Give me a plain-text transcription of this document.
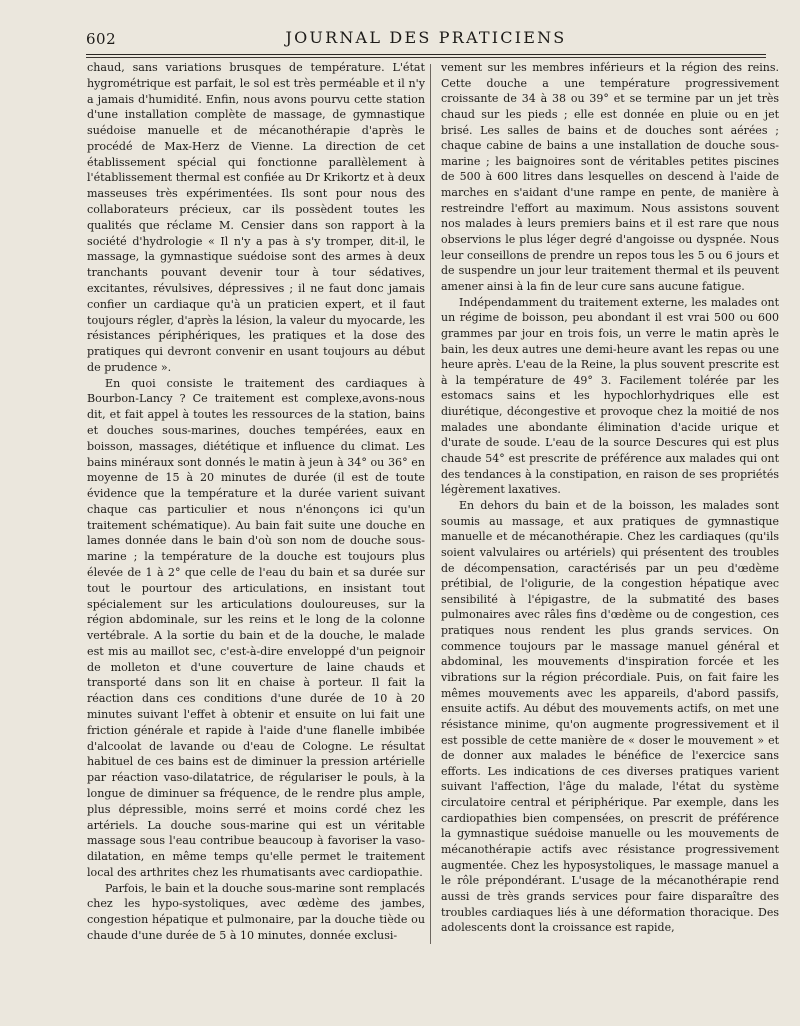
602	JOURNAL DES PRATICIENS

chaud, sans variations brusques de température. L'état hygrométrique est parfait, le sol est très perméable et il n'y a jamais d'humidité. Enfin, nous avons pourvu cette station d'une installation complète de massage, de gymnastique suédoise manuelle et de mécanothérapie d'après le procédé de Max-Herz de Vienne. La direction de cet établissement spécial qui fonctionne parallèlement à l'établissement thermal est confiée au Dr Krikortz et à deux masseuses très expérimentées. Ils sont pour nous des collaborateurs précieux, car ils possèdent toutes les qualités que réclame M. Censier dans son rapport à la société d'hydrologie « Il n'y a pas à s'y tromper, dit-il, le massage, la gymnastique suédoise sont des armes à deux tranchants pouvant devenir tour à tour sédatives, excitantes, révulsives, dépressives ; il ne faut donc jamais confier un cardiaque qu'à un praticien expert, et il faut toujours régler, d'après la lésion, la valeur du myocarde, les résistances périphériques, les pratiques et la dose des pratiques qui devront convenir en usant toujours au début de prudence ».

En quoi consiste le traitement des cardiaques à Bourbon-Lancy ? Ce traitement est complexe,avons-nous dit, et fait appel à toutes les ressources de la station, bains et douches sous-marines, douches tempérées, eaux en boisson, massages, diététique et influence du climat. Les bains minéraux sont donnés le matin à jeun à 34° ou 36° en moyenne de 15 à 20 minutes de durée (il est de toute évidence que la température et la durée varient suivant chaque cas particulier et nous n'énonçons ici qu'un traitement schématique). Au bain fait suite une douche en lames donnée dans le bain d'où son nom de douche sous-marine ; la température de la douche est toujours plus élevée de 1 à 2° que celle de l'eau du bain et sa durée sur tout le pourtour des articulations, en insistant tout spécialement sur les articulations douloureuses, sur la région abdominale, sur les reins et le long de la colonne vertébrale. A la sortie du bain et de la douche, le malade est mis au maillot sec, c'est-à-dire enveloppé d'un peignoir de molleton et d'une couverture de laine chauds et transporté dans son lit en chaise à porteur. Il fait la réaction dans ces conditions d'une durée de 10 à 20 minutes suivant l'effet à obtenir et ensuite on lui fait une friction générale et rapide à l'aide d'une flanelle imbibée d'alcoolat de lavande ou d'eau de Cologne. Le résultat habituel de ces bains est de diminuer la pression artérielle par réaction vaso-dilatatrice, de régulariser le pouls, à la longue de diminuer sa fréquence, de le rendre plus ample, plus dépressible, moins serré et moins cordé chez les artériels. La douche sous-marine qui est un véritable massage sous l'eau contribue beaucoup à favoriser la vaso-dilatation, en même temps qu'elle permet le traitement local des arthrites chez les rhumatisants avec cardiopathie.

Parfois, le bain et la douche sous-marine sont remplacés chez les hypo-systoliques, avec œdème des jambes, congestion hépatique et pulmonaire, par la douche tiède ou chaude d'une durée de 5 à 10 minutes, donnée exclusi-

vement sur les membres inférieurs et la région des reins. Cette douche a une température progressivement croissante de 34 à 38 ou 39° et se termine par un jet très chaud sur les pieds ; elle est donnée en pluie ou en jet brisé. Les salles de bains et de douches sont aérées ; chaque cabine de bains a une installation de douche sous-marine ; les baignoires sont de véritables petites piscines de 500 à 600 litres dans lesquelles on descend à l'aide de marches en s'aidant d'une rampe en pente, de manière à restreindre l'effort au maximum. Nous assistons souvent nos malades à leurs premiers bains et il est rare que nous observions le plus léger degré d'angoisse ou dyspnée. Nous leur conseillons de prendre un repos tous les 5 ou 6 jours et de suspendre un jour leur traitement thermal et ils peuvent amener ainsi à la fin de leur cure sans aucune fatigue.

Indépendamment du traitement externe, les malades ont un régime de boisson, peu abondant il est vrai 500 ou 600 grammes par jour en trois fois, un verre le matin après le bain, les deux autres une demi-heure avant les repas ou une heure après. L'eau de la Reine, la plus souvent prescrite est à la température de 49° 3. Facilement tolérée par les estomacs sains et les hypochlorhydriques elle est diurétique, décongestive et provoque chez la moitié de nos malades une abondante élimination d'acide urique et d'urate de soude. L'eau de la source Descures qui est plus chaude 54° est prescrite de préférence aux malades qui ont des tendances à la constipation, en raison de ses propriétés légèrement laxatives.

En dehors du bain et de la boisson, les malades sont soumis au massage, et aux pratiques de gymnastique manuelle et de mécanothérapie. Chez les cardiaques (qu'ils soient valvulaires ou artériels) qui présentent des troubles de décompensation, caractérisés par un peu d'œdème prétibial, de l'oligurie, de la congestion hépatique avec sensibilité à l'épigastre, de la submatité des bases pulmonaires avec râles fins d'œdème ou de congestion, ces pratiques nous rendent les plus grands services. On commence toujours par le massage manuel général et abdominal, les mouvements d'inspiration forcée et les vibrations sur la région précordiale. Puis, on fait faire les mêmes mouvements avec les appareils, d'abord passifs, ensuite actifs. Au début des mouvements actifs, on met une résistance minime, qu'on augmente progressivement et il est possible de cette manière de « doser le mouvement » et de donner aux malades le bénéfice de l'exercice sans efforts. Les indications de ces diverses pratiques varient suivant l'affection, l'âge du malade, l'état du système circulatoire central et périphérique. Par exemple, dans les cardiopathies bien compensées, on prescrit de préférence la gymnastique suédoise manuelle ou les mouvements de mécanothérapie actifs avec résistance progressivement augmentée. Chez les hyposystoliques, le massage manuel a le rôle prépondérant. L'usage de la mécanothérapie rend aussi de très grands services pour faire disparaître des troubles cardiaques liés à une déformation thoracique. Des adolescents dont la croissance est rapide,
